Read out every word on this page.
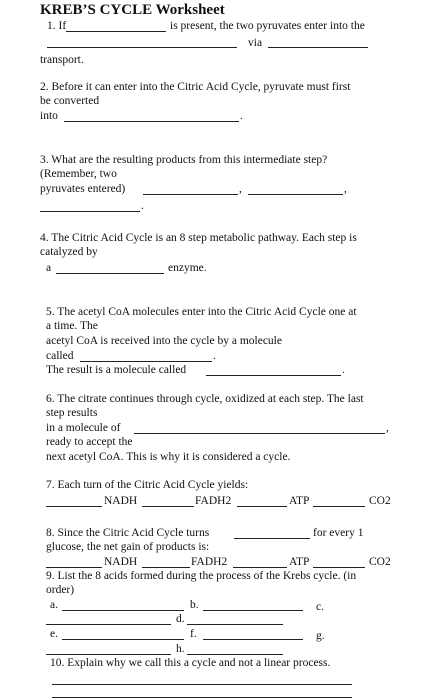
KREB’S CYCLE Worksheet
1. If	is present, the two pyruvates enter into the
via
transport.
2. Before it can enter into the Citric Acid Cycle, pyruvate must first
be converted
into	.
3. What are the resulting products from this intermediate step?
(Remember, two
pyruvates entered)	,	,
.
4. The Citric Acid Cycle is an 8 step metabolic pathway. Each step is
catalyzed by
a	enzyme.
5. The acetyl CoA molecules enter into the Citric Acid Cycle one at
a time. The
acetyl CoA is received into the cycle by a molecule
called	.
The result is a molecule called	.
6. The citrate continues through cycle, oxidized at each step. The last
step results
in a molecule of	,
ready to accept the
next acetyl CoA. This is why it is considered a cycle.
7. Each turn of the Citric Acid Cycle yields:
NADH	FADH2	ATP	CO2
8. Since the Citric Acid Cycle turns	for every 1
glucose, the net gain of products is:
NADH	FADH2	ATP	CO2
9. List the 8 acids formed during the process of the Krebs cycle. (in
order)
a.	b.	c.
d.
e.	f.	g.
h.
10. Explain why we call this a cycle and not a linear process.
